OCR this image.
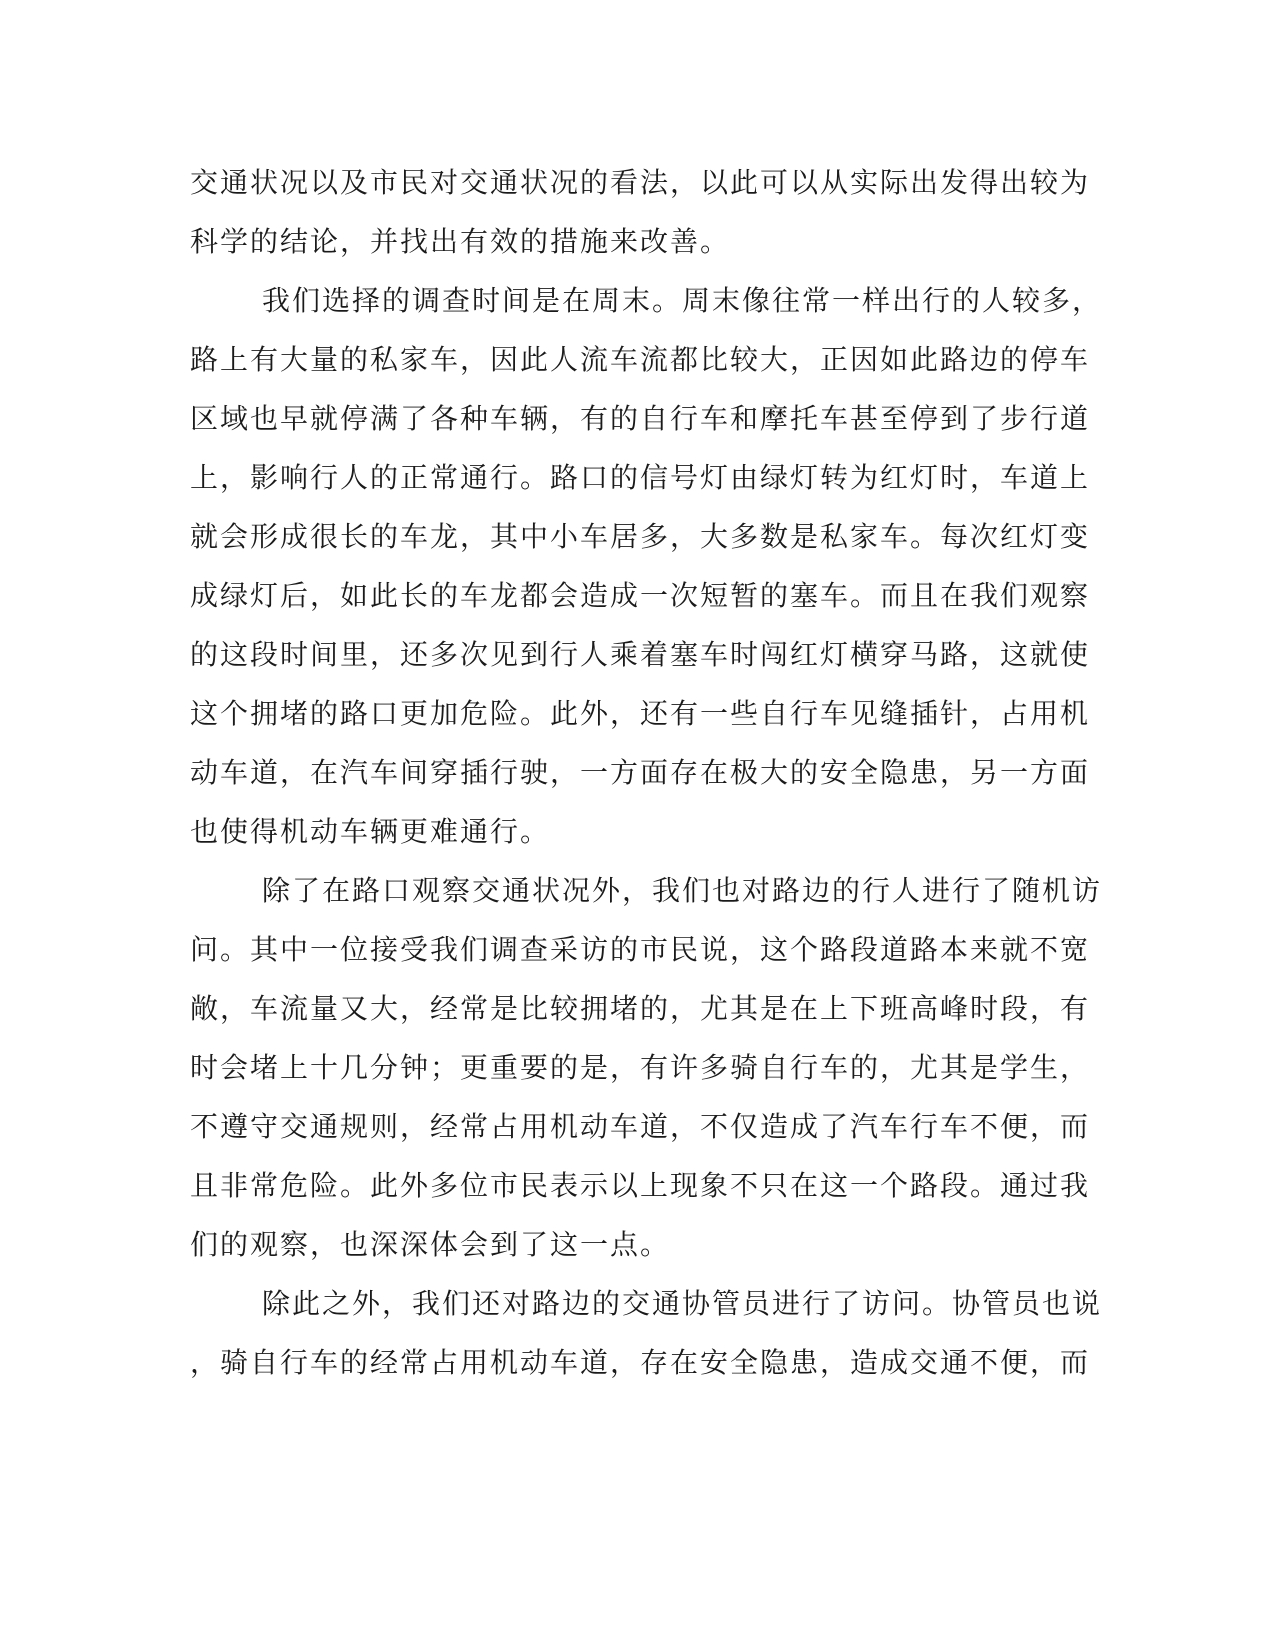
交通状况以及市民对交通状况的看法，以此可以从实际出发得出较为
科学的结论，并找出有效的措施来改善。
我们选择的调查时间是在周末。周末像往常一样出行的人较多，
路上有大量的私家车，因此人流车流都比较大，正因如此路边的停车
区域也早就停满了各种车辆，有的自行车和摩托车甚至停到了步行道
上，影响行人的正常通行。路口的信号灯由绿灯转为红灯时，车道上
就会形成很长的车龙，其中小车居多，大多数是私家车。每次红灯变
成绿灯后，如此长的车龙都会造成一次短暂的塞车。而且在我们观察
的这段时间里，还多次见到行人乘着塞车时闯红灯横穿马路，这就使
这个拥堵的路口更加危险。此外，还有一些自行车见缝插针，占用机
动车道，在汽车间穿插行驶，一方面存在极大的安全隐患，另一方面
也使得机动车辆更难通行。
除了在路口观察交通状况外，我们也对路边的行人进行了随机访
问。其中一位接受我们调查采访的市民说，这个路段道路本来就不宽
敞，车流量又大，经常是比较拥堵的，尤其是在上下班高峰时段，有
时会堵上十几分钟；更重要的是，有许多骑自行车的，尤其是学生，
不遵守交通规则，经常占用机动车道，不仅造成了汽车行车不便，而
且非常危险。此外多位市民表示以上现象不只在这一个路段。通过我
们的观察，也深深体会到了这一点。
除此之外，我们还对路边的交通协管员进行了访问。协管员也说
，骑自行车的经常占用机动车道，存在安全隐患，造成交通不便，而
